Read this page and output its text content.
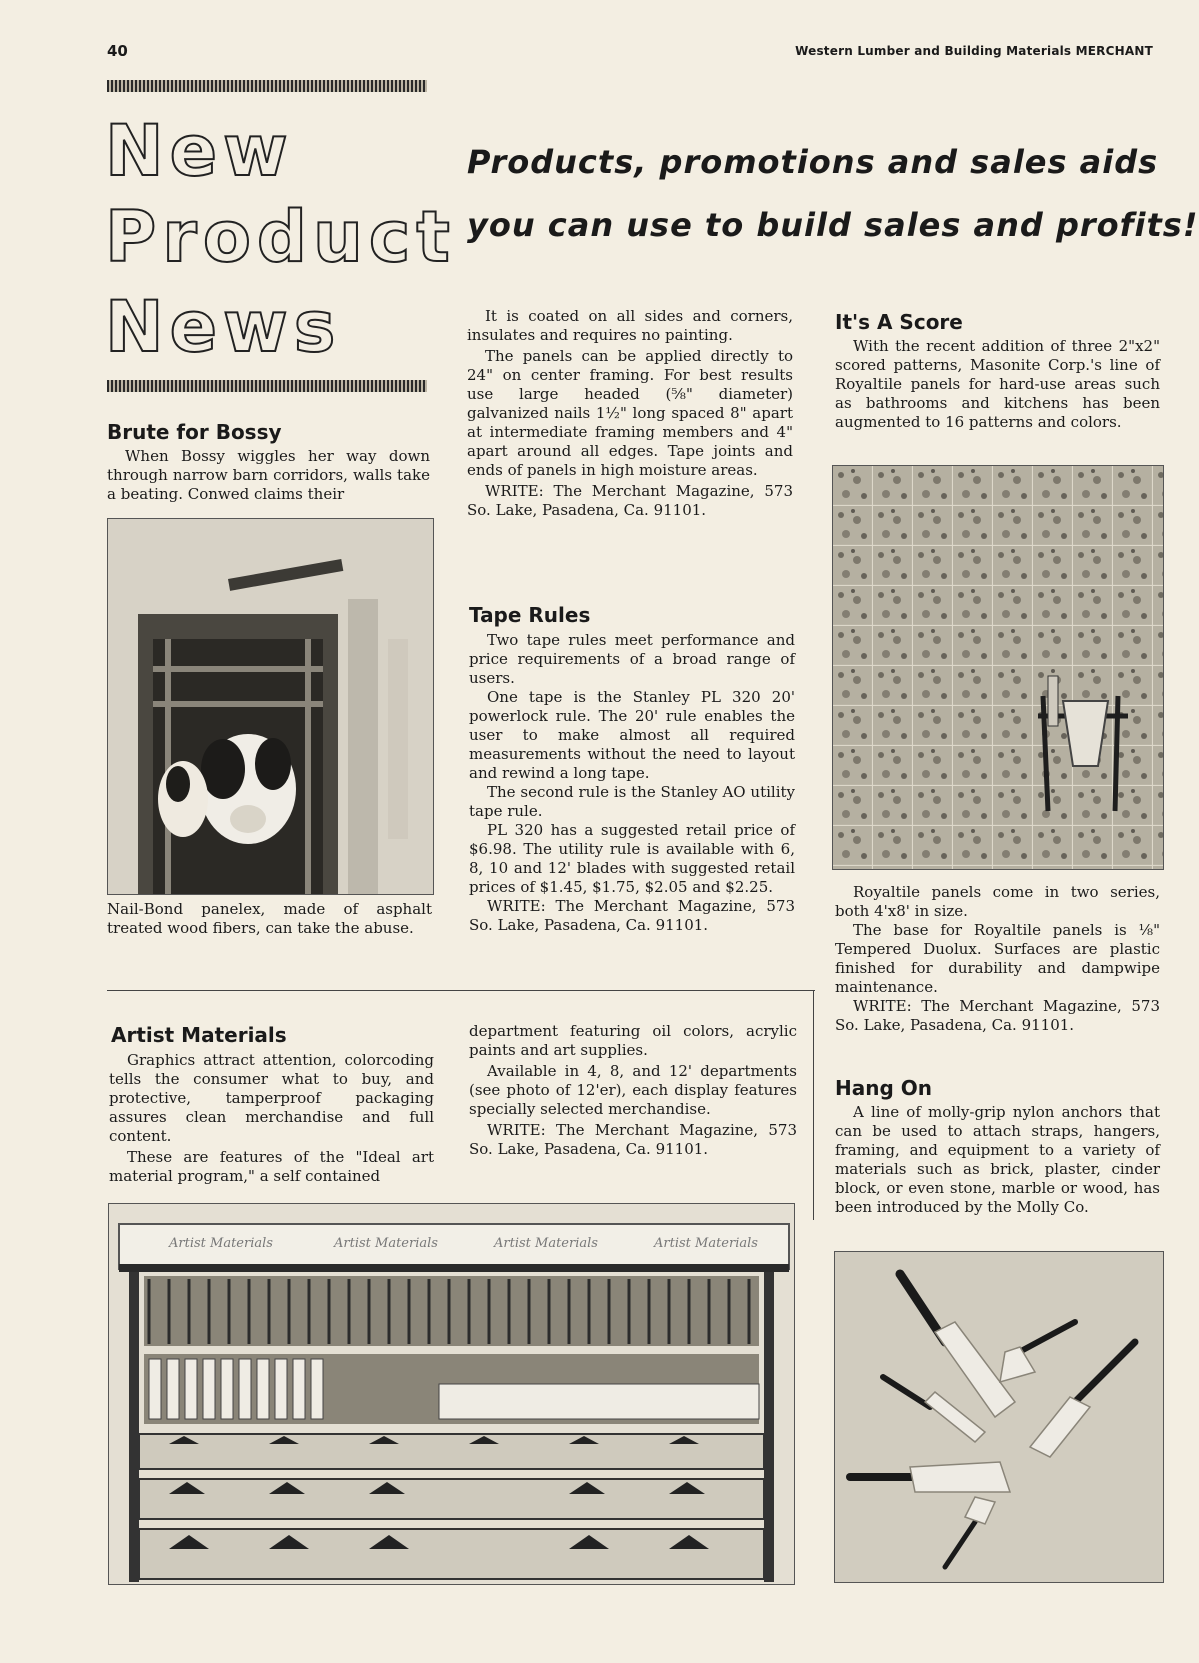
40	Western Lumber and Building Materials MERCHANT
New
Product
News
Products, promotions and sales aids
you can use to build sales and profits!
Brute for Bossy

When Bossy wiggles her way down through narrow barn corridors, walls take a beating. Conwed claims their

Nail-Bond panelex, made of asphalt treated wood fibers, can take the abuse.

It is coated on all sides and corners, insulates and requires no painting.

The panels can be applied directly to 24" on center framing. For best results use large headed (⅝" diameter) galvanized nails 1½" long spaced 8" apart at intermediate framing members and 4" apart around all edges. Tape joints and ends of panels in high moisture areas.

WRITE: The Merchant Magazine, 573 So. Lake, Pasadena, Ca. 91101.

Tape Rules

Two tape rules meet performance and price requirements of a broad range of users.

One tape is the Stanley PL 320 20' powerlock rule. The 20' rule enables the user to make almost all required measurements without the need to layout and rewind a long tape.

The second rule is the Stanley AO utility tape rule.

PL 320 has a suggested retail price of $6.98. The utility rule is available with 6, 8, 10 and 12' blades with suggested retail prices of $1.45, $1.75, $2.05 and $2.25.

WRITE: The Merchant Magazine, 573 So. Lake, Pasadena, Ca. 91101.

It's A Score

With the recent addition of three 2"x2" scored patterns, Masonite Corp.'s line of Royaltile panels for hard-use areas such as bathrooms and kitchens has been augmented to 16 patterns and colors.

Royaltile panels come in two series, both 4'x8' in size.

The base for Royaltile panels is ⅛" Tempered Duolux. Surfaces are plastic finished for durability and dampwipe maintenance.

WRITE: The Merchant Magazine, 573 So. Lake, Pasadena, Ca. 91101.

Artist Materials

Graphics attract attention, colorcoding tells the consumer what to buy, and protective, tamperproof packaging assures clean merchandise and full content.

These are features of the "Ideal art material program," a self contained

department featuring oil colors, acrylic paints and art supplies.

Available in 4, 8, and 12' departments (see photo of 12'er), each display features specially selected merchandise.

WRITE: The Merchant Magazine, 573 So. Lake, Pasadena, Ca. 91101.

Artist Materials	Artist Materials	Artist Materials	Artist Materials
Hang On

A line of molly-grip nylon anchors that can be used to attach straps, hangers, framing, and equipment to a variety of materials such as brick, plaster, cinder block, or even stone, marble or wood, has been introduced by the Molly Co.
